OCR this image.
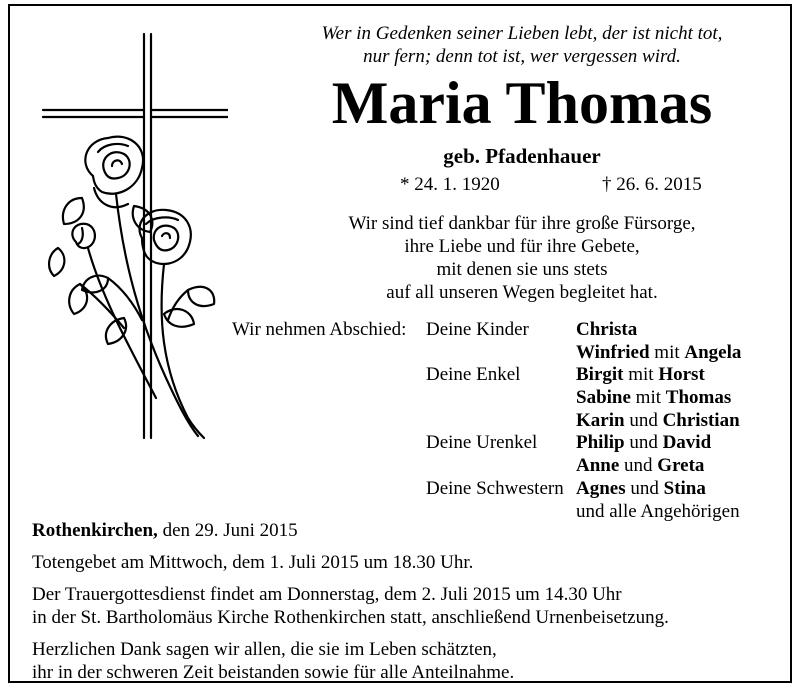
Wer in Gedenken seiner Lieben lebt, der ist nicht tot,
nur fern; denn tot ist, wer vergessen wird.
Maria Thomas
geb. Pfadenhauer
* 24. 1. 1920	† 26. 6. 2015
Wir sind tief dankbar für ihre große Fürsorge,
ihre Liebe und für ihre Gebete,
mit denen sie uns stets
auf all unseren Wegen begleitet hat.
Wir nehmen Abschied: Deine Kinder
Deine Enkel
Deine Urenkel
Deine Schwestern
Christa
Winfried mit Angela
Birgit mit Horst
Sabine mit Thomas
Karin und Christian
Philip und David
Anne und Greta
Agnes und Stina
und alle Angehörigen
Rothenkirchen, den 29. Juni 2015
Totengebet am Mittwoch, dem 1. Juli 2015 um 18.30 Uhr.
Der Trauergottesdienst findet am Donnerstag, dem 2. Juli 2015 um 14.30 Uhr
in der St. Bartholomäus Kirche Rothenkirchen statt, anschließend Urnenbeisetzung.
Herzlichen Dank sagen wir allen, die sie im Leben schätzten,
ihr in der schweren Zeit beistanden sowie für alle Anteilnahme.
